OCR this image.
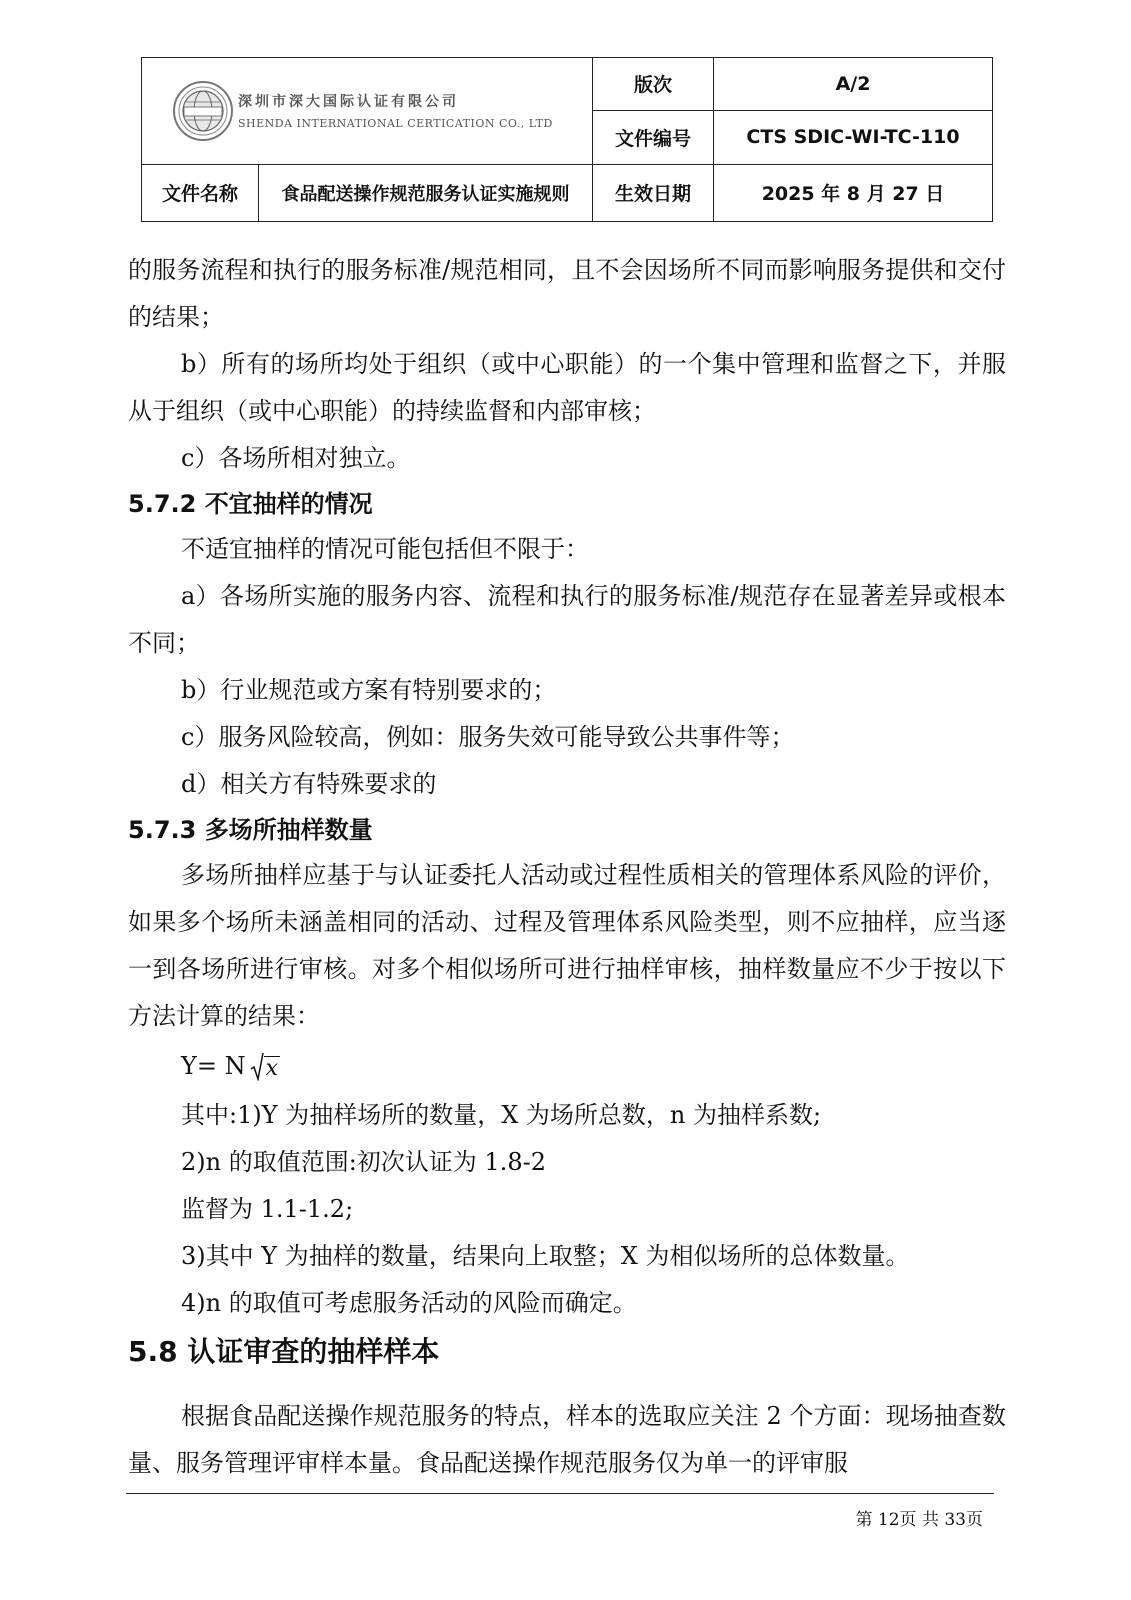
深圳市深大国际认证有限公司
SHENDA INTERNATIONAL CERTICATION CO., LTD		版次	A/2
		文件编号	CTS SDIC-WI-TC-110
文件名称	食品配送操作规范服务认证实施规则	生效日期	2025 年 8 月 27 日

的服务流程和执行的服务标准/规范相同，且不会因场所不同而影响服务提供和交付的结果；

b）所有的场所均处于组织（或中心职能）的一个集中管理和监督之下，并服从于组织（或中心职能）的持续监督和内部审核；

c）各场所相对独立。

5.7.2 不宜抽样的情况

不适宜抽样的情况可能包括但不限于：

a）各场所实施的服务内容、流程和执行的服务标准/规范存在显著差异或根本不同；

b）行业规范或方案有特别要求的；

c）服务风险较高，例如：服务失效可能导致公共事件等；

d）相关方有特殊要求的

5.7.3 多场所抽样数量

多场所抽样应基于与认证委托人活动或过程性质相关的管理体系风险的评价，如果多个场所未涵盖相同的活动、过程及管理体系风险类型，则不应抽样，应当逐一到各场所进行审核。对多个相似场所可进行抽样审核，抽样数量应不少于按以下方法计算的结果：

Y= N x

其中:1)Y 为抽样场所的数量，X 为场所总数，n 为抽样系数;

2)n 的取值范围:初次认证为 1.8-2

监督为 1.1-1.2;

3)其中 Y 为抽样的数量，结果向上取整；X 为相似场所的总体数量。

4)n 的取值可考虑服务活动的风险而确定。

5.8 认证审查的抽样样本

根据食品配送操作规范服务的特点，样本的选取应关注 2 个方面：现场抽查数量、服务管理评审样本量。食品配送操作规范服务仅为单一的评审服

第 12页 共 33页
